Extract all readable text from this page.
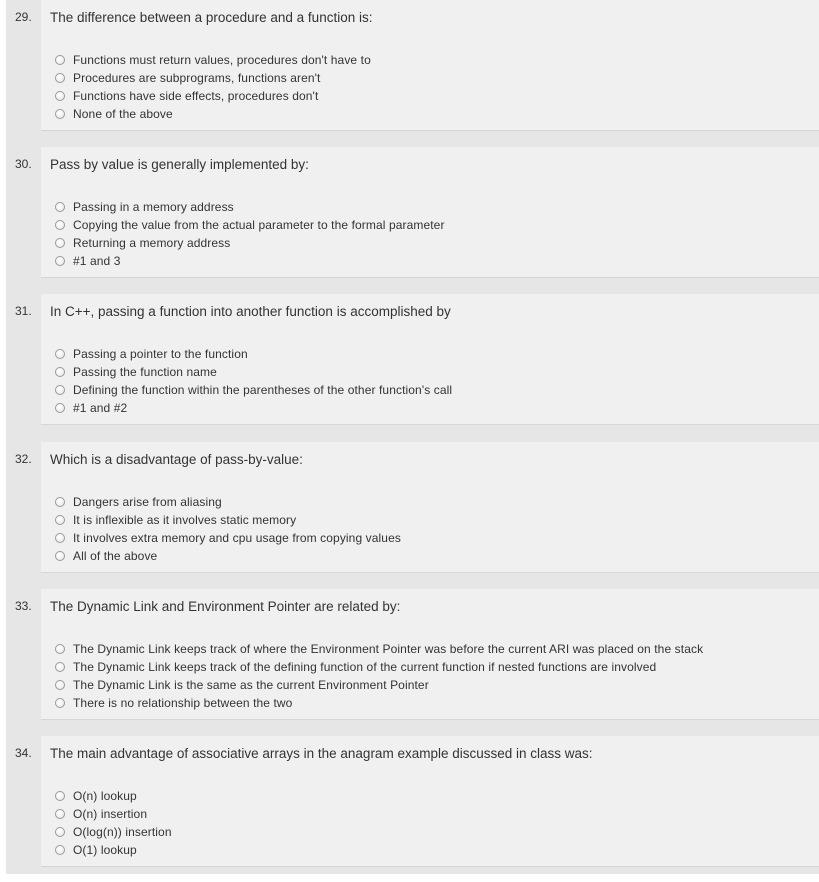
29. The difference between a procedure and a function is:
Functions must return values, procedures don't have to
Procedures are subprograms, functions aren't
Functions have side effects, procedures don't
None of the above
30. Pass by value is generally implemented by:
Passing in a memory address
Copying the value from the actual parameter to the formal parameter
Returning a memory address
#1 and 3
31. In C++, passing a function into another function is accomplished by
Passing a pointer to the function
Passing the function name
Defining the function within the parentheses of the other function's call
#1 and #2
32. Which is a disadvantage of pass-by-value:
Dangers arise from aliasing
It is inflexible as it involves static memory
It involves extra memory and cpu usage from copying values
All of the above
33. The Dynamic Link and Environment Pointer are related by:
The Dynamic Link keeps track of where the Environment Pointer was before the current ARI was placed on the stack
The Dynamic Link keeps track of the defining function of the current function if nested functions are involved
The Dynamic Link is the same as the current Environment Pointer
There is no relationship between the two
34. The main advantage of associative arrays in the anagram example discussed in class was:
O(n) lookup
O(n) insertion
O(log(n)) insertion
O(1) lookup
